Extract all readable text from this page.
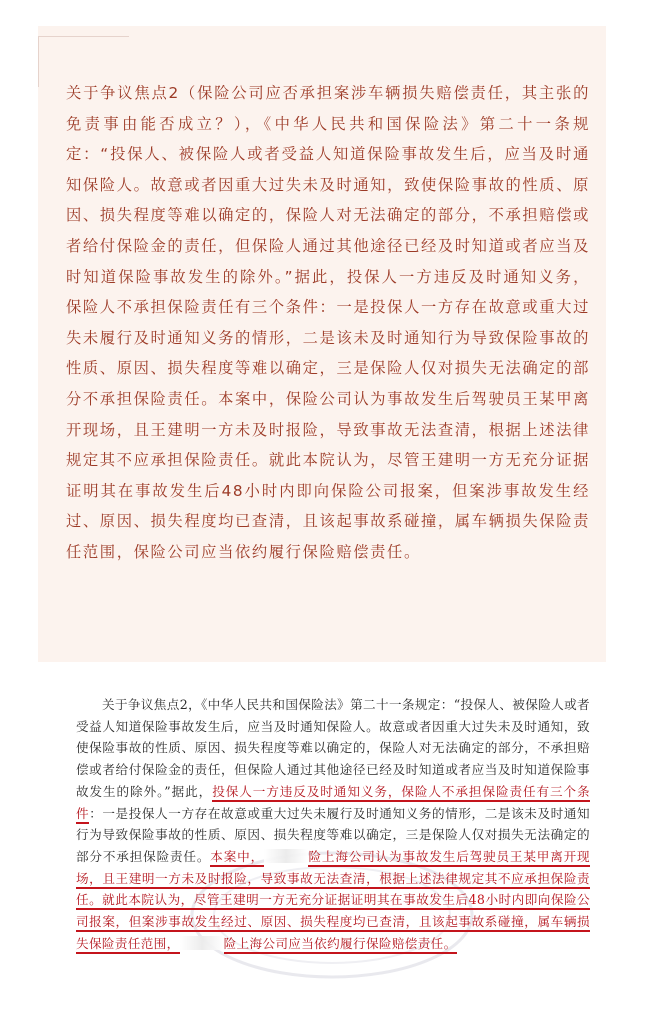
关于争议焦点2（保险公司应否承担案涉车辆损失赔偿责任，其主张的免责事由能否成立？），《中华人民共和国保险法》第二十一条规定：“投保人、被保险人或者受益人知道保险事故发生后，应当及时通知保险人。故意或者因重大过失未及时通知，致使保险事故的性质、原因、损失程度等难以确定的，保险人对无法确定的部分，不承担赔偿或者给付保险金的责任，但保险人通过其他途径已经及时知道或者应当及时知道保险事故发生的除外。”据此，投保人一方违反及时通知义务，保险人不承担保险责任有三个条件：一是投保人一方存在故意或重大过失未履行及时通知义务的情形，二是该未及时通知行为导致保险事故的性质、原因、损失程度等难以确定，三是保险人仅对损失无法确定的部分不承担保险责任。本案中，保险公司认为事故发生后驾驶员王某甲离开现场，且王建明一方未及时报险，导致事故无法查清，根据上述法律规定其不应承担保险责任。就此本院认为，尽管王建明一方无充分证据证明其在事故发生后48小时内即向保险公司报案，但案涉事故发生经过、原因、损失程度均已查清，且该起事故系碰撞，属车辆损失保险责任范围，保险公司应当依约履行保险赔偿责任。

关于争议焦点2，《中华人民共和国保险法》第二十一条规定：“投保人、被保险人或者受益人知道保险事故发生后，应当及时通知保险人。故意或者因重大过失未及时通知，致使保险事故的性质、原因、损失程度等难以确定的，保险人对无法确定的部分，不承担赔偿或者给付保险金的责任，但保险人通过其他途径已经及时知道或者应当及时知道保险事故发生的除外。”据此，投保人一方违反及时通知义务，保险人不承担保险责任有三个条件：一是投保人一方存在故意或重大过失未履行及时通知义务的情形，二是该未及时通知行为导致保险事故的性质、原因、损失程度等难以确定，三是保险人仅对损失无法确定的部分不承担保险责任。本案中，	险上海公司认为事故发生后驾驶员王某甲离开现场，且王建明一方未及时报险，导致事故无法查清，根据上述法律规定其不应承担保险责任。就此本院认为，尽管王建明一方无充分证据证明其在事故发生后48小时内即向保险公司报案，但案涉事故发生经过、原因、损失程度均已查清，且该起事故系碰撞，属车辆损失保险责任范围，	险上海公司应当依约履行保险赔偿责任。
